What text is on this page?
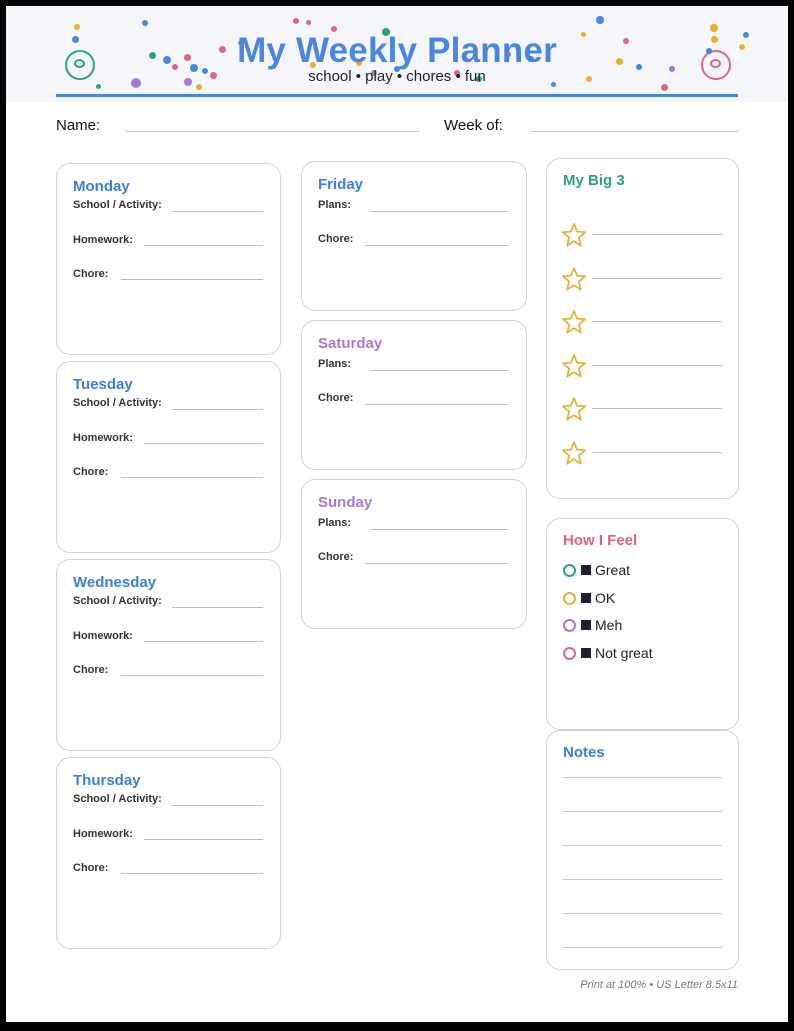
My Weekly Planner
school • play • chores • fun
Name:	Week of:
Monday
School / Activity:
Homework:
Chore:
Tuesday
School / Activity:
Homework:
Chore:
Wednesday
School / Activity:
Homework:
Chore:
Thursday
School / Activity:
Homework:
Chore:
Friday
Plans:
Chore:
Saturday
Plans:
Chore:
Sunday
Plans:
Chore:
My Big 3
How I Feel
Great
OK
Meh
Not great
Notes
Print at 100% • US Letter 8.5x11
